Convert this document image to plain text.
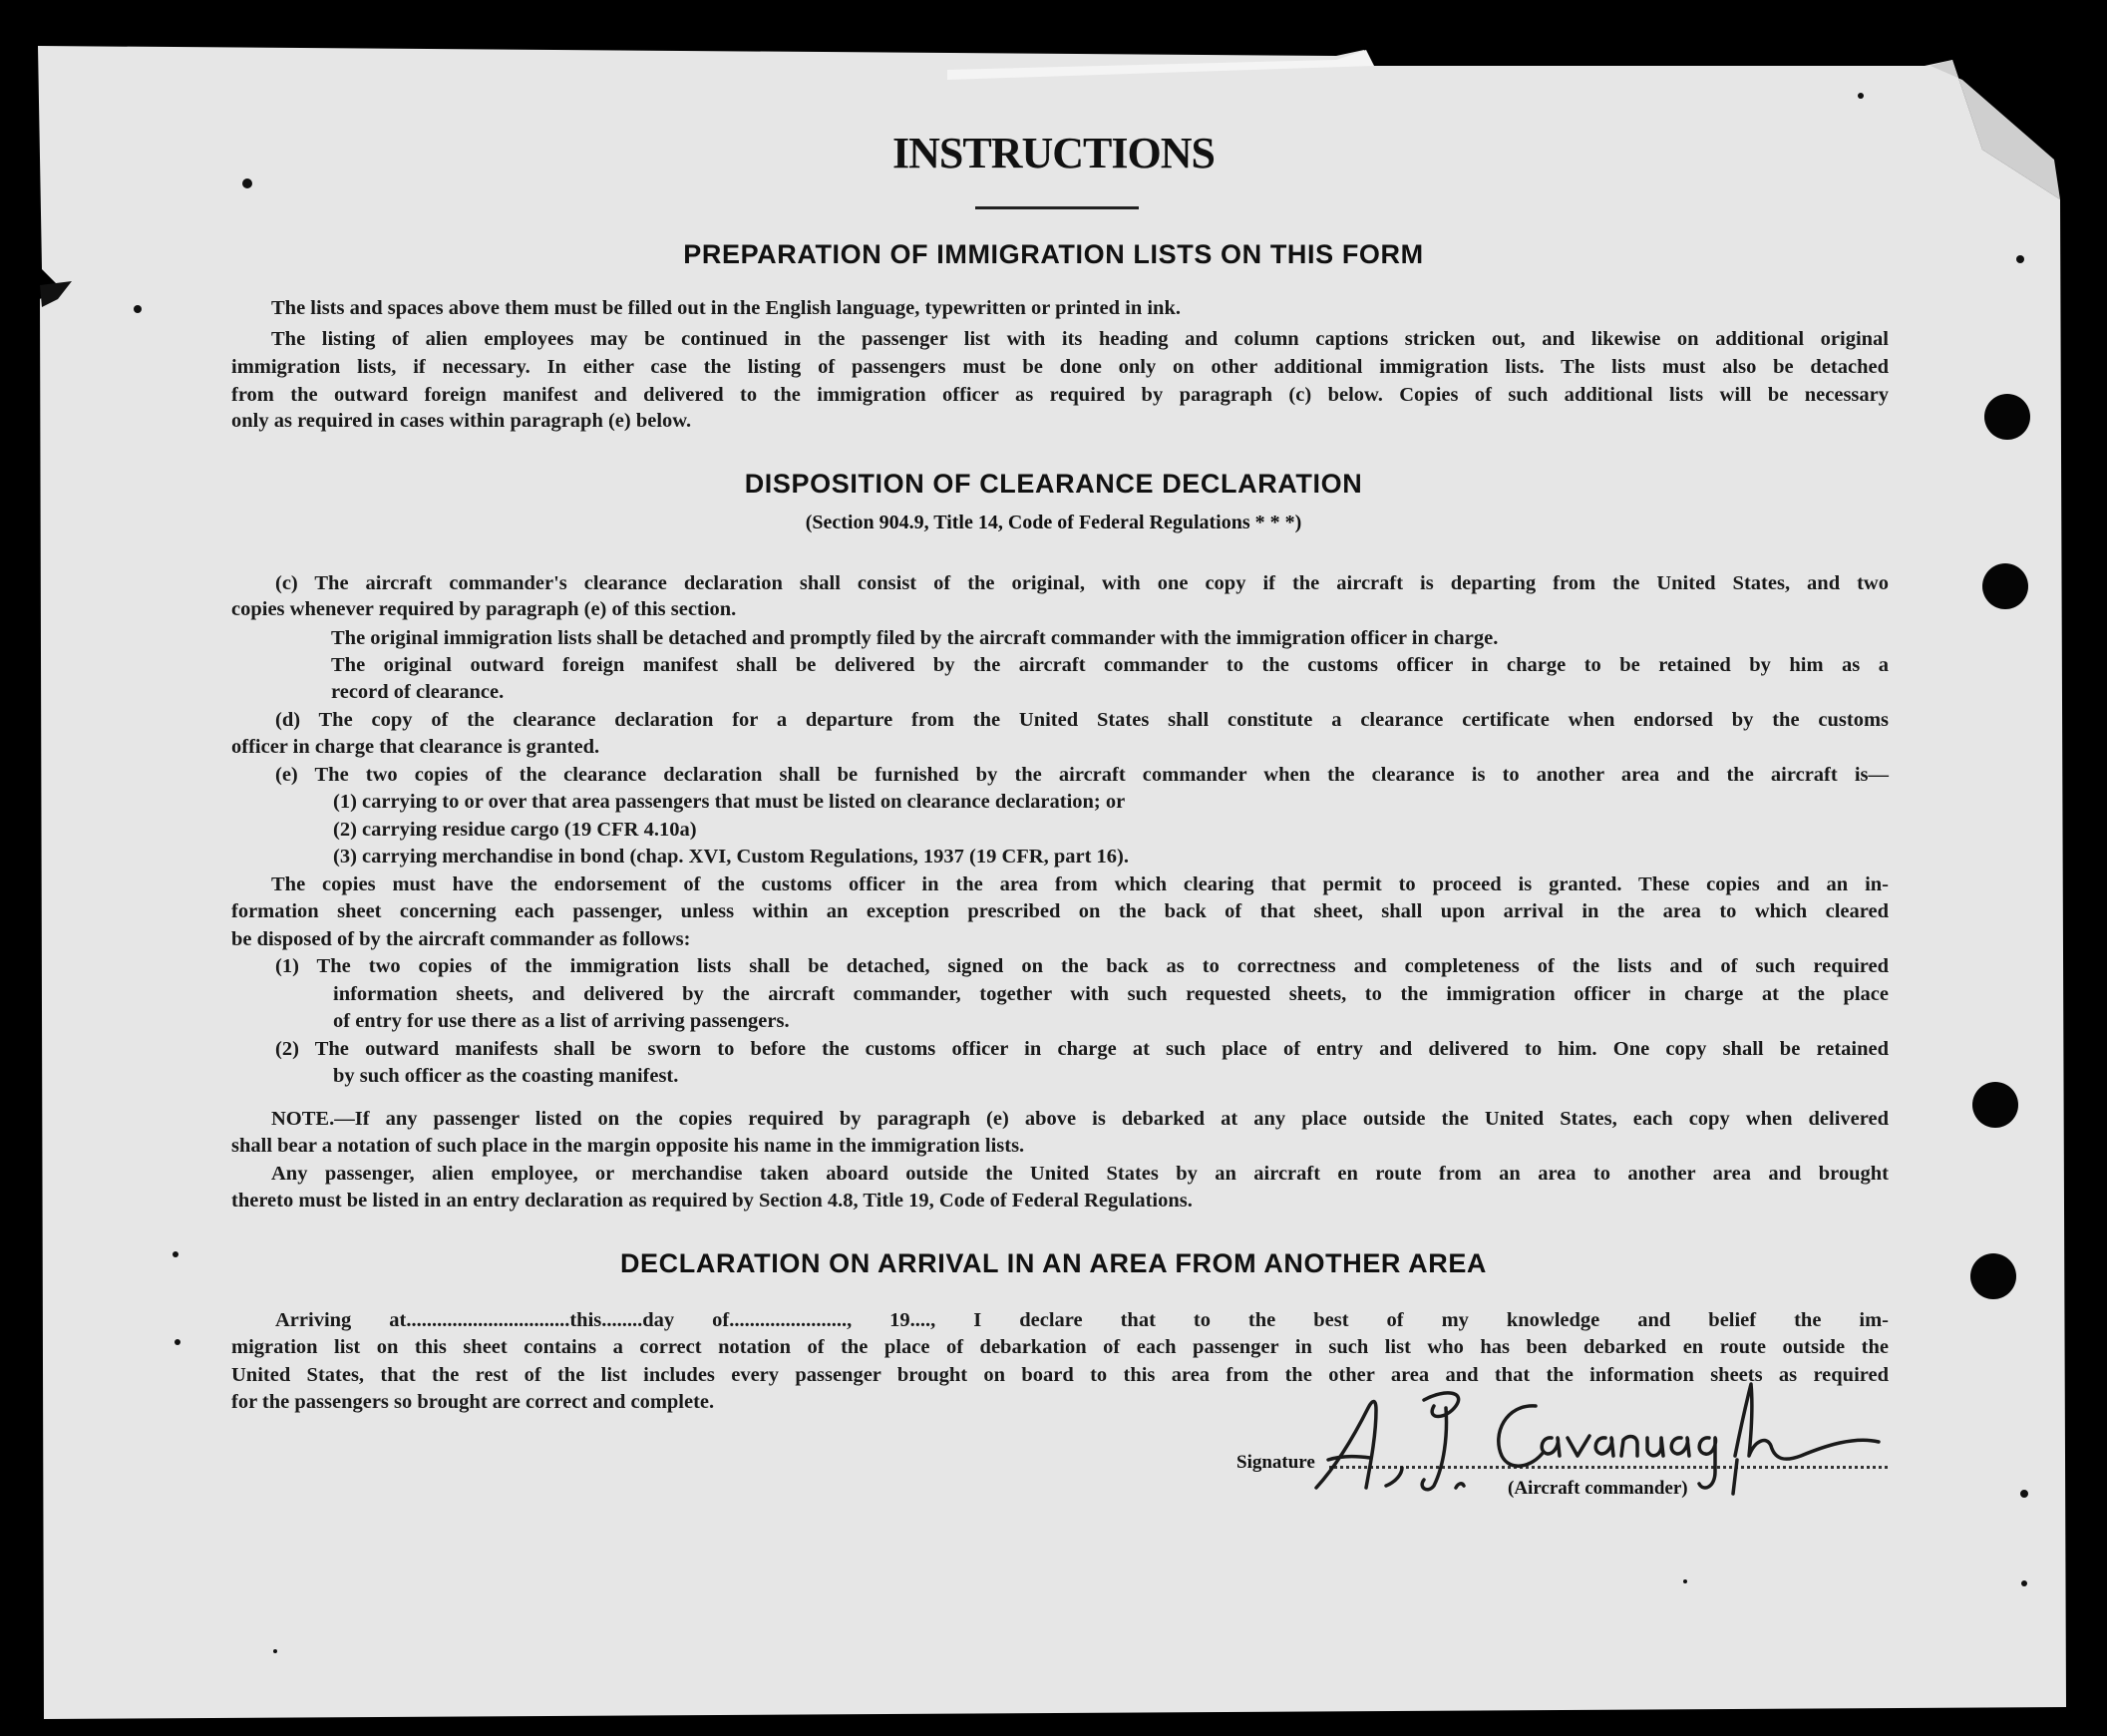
INSTRUCTIONS
PREPARATION OF IMMIGRATION LISTS ON THIS FORM
The lists and spaces above them must be filled out in the English language, typewritten or printed in ink.
The listing of alien employees may be continued in the passenger list with its heading and column captions stricken out, and likewise on additional original
immigration lists, if necessary. In either case the listing of passengers must be done only on other additional immigration lists. The lists must also be detached
from the outward foreign manifest and delivered to the immigration officer as required by paragraph (c) below. Copies of such additional lists will be necessary
only as required in cases within paragraph (e) below.
DISPOSITION OF CLEARANCE DECLARATION
(Section 904.9, Title 14, Code of Federal Regulations * * *)
(c) The aircraft commander's clearance declaration shall consist of the original, with one copy if the aircraft is departing from the United States, and two
copies whenever required by paragraph (e) of this section.
The original immigration lists shall be detached and promptly filed by the aircraft commander with the immigration officer in charge.
The original outward foreign manifest shall be delivered by the aircraft commander to the customs officer in charge to be retained by him as a
record of clearance.
(d) The copy of the clearance declaration for a departure from the United States shall constitute a clearance certificate when endorsed by the customs
officer in charge that clearance is granted.
(e) The two copies of the clearance declaration shall be furnished by the aircraft commander when the clearance is to another area and the aircraft is—
(1) carrying to or over that area passengers that must be listed on clearance declaration; or
(2) carrying residue cargo (19 CFR 4.10a)
(3) carrying merchandise in bond (chap. XVI, Custom Regulations, 1937 (19 CFR, part 16).
The copies must have the endorsement of the customs officer in the area from which clearing that permit to proceed is granted. These copies and an in-
formation sheet concerning each passenger, unless within an exception prescribed on the back of that sheet, shall upon arrival in the area to which cleared
be disposed of by the aircraft commander as follows:
(1) The two copies of the immigration lists shall be detached, signed on the back as to correctness and completeness of the lists and of such required
information sheets, and delivered by the aircraft commander, together with such requested sheets, to the immigration officer in charge at the place
of entry for use there as a list of arriving passengers.
(2) The outward manifests shall be sworn to before the customs officer in charge at such place of entry and delivered to him. One copy shall be retained
by such officer as the coasting manifest.
NOTE.—If any passenger listed on the copies required by paragraph (e) above is debarked at any place outside the United States, each copy when delivered
shall bear a notation of such place in the margin opposite his name in the immigration lists.
Any passenger, alien employee, or merchandise taken aboard outside the United States by an aircraft en route from an area to another area and brought
thereto must be listed in an entry declaration as required by Section 4.8, Title 19, Code of Federal Regulations.
DECLARATION ON ARRIVAL IN AN AREA FROM ANOTHER AREA
Arriving at................................this........day of......................., 19...., I declare that to the best of my knowledge and belief the im-
migration list on this sheet contains a correct notation of the place of debarkation of each passenger in such list who has been debarked en route outside the
United States, that the rest of the list includes every passenger brought on board to this area from the other area and that the information sheets as required
for the passengers so brought are correct and complete.
Signature
(Aircraft commander)
